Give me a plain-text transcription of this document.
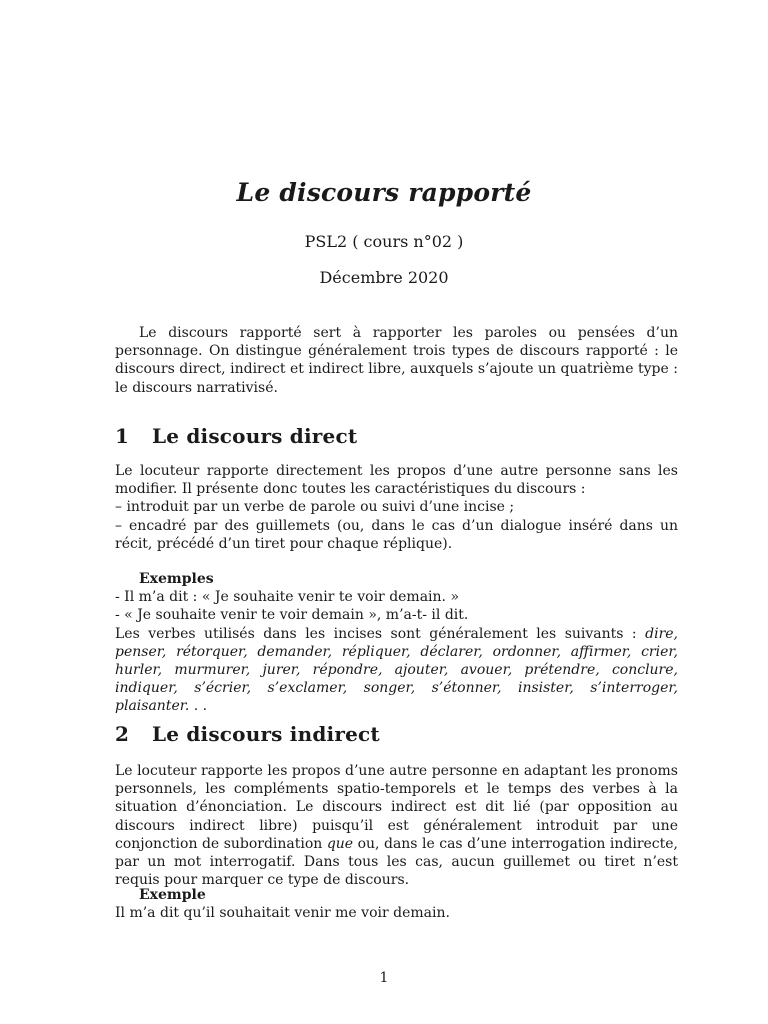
Le discours rapporté
PSL2 ( cours n°02 )
Décembre 2020
Le discours rapporté sert à rapporter les paroles ou pensées d’un personnage. On distingue généralement trois types de discours rapporté : le discours direct, indirect et indirect libre, auxquels s’ajoute un quatrième type : le discours narrativisé.
1 Le discours direct
Le locuteur rapporte directement les propos d’une autre personne sans les modifier. Il présente donc toutes les caractéristiques du discours :
– introduit par un verbe de parole ou suivi d’une incise ;
– encadré par des guillemets (ou, dans le cas d’un dialogue inséré dans un récit, précédé d’un tiret pour chaque réplique).
Exemples
- Il m’a dit : « Je souhaite venir te voir demain. »
- « Je souhaite venir te voir demain », m’a-t- il dit.
Les verbes utilisés dans les incises sont généralement les suivants : dire, penser, rétorquer, demander, répliquer, déclarer, ordonner, affirmer, crier, hurler, murmurer, jurer, répondre, ajouter, avouer, prétendre, conclure, indiquer, s’écrier, s’exclamer, songer, s’étonner, insister, s’interroger, plaisanter. . .
2 Le discours indirect
Le locuteur rapporte les propos d’une autre personne en adaptant les pronoms personnels, les compléments spatio-temporels et le temps des verbes à la situation d’énonciation. Le discours indirect est dit lié (par opposition au discours indirect libre) puisqu’il est généralement introduit par une conjonction de subordination que ou, dans le cas d’une interrogation indirecte, par un mot interrogatif. Dans tous les cas, aucun guillemet ou tiret n’est requis pour marquer ce type de discours.
Exemple
Il m’a dit qu’il souhaitait venir me voir demain.
1
